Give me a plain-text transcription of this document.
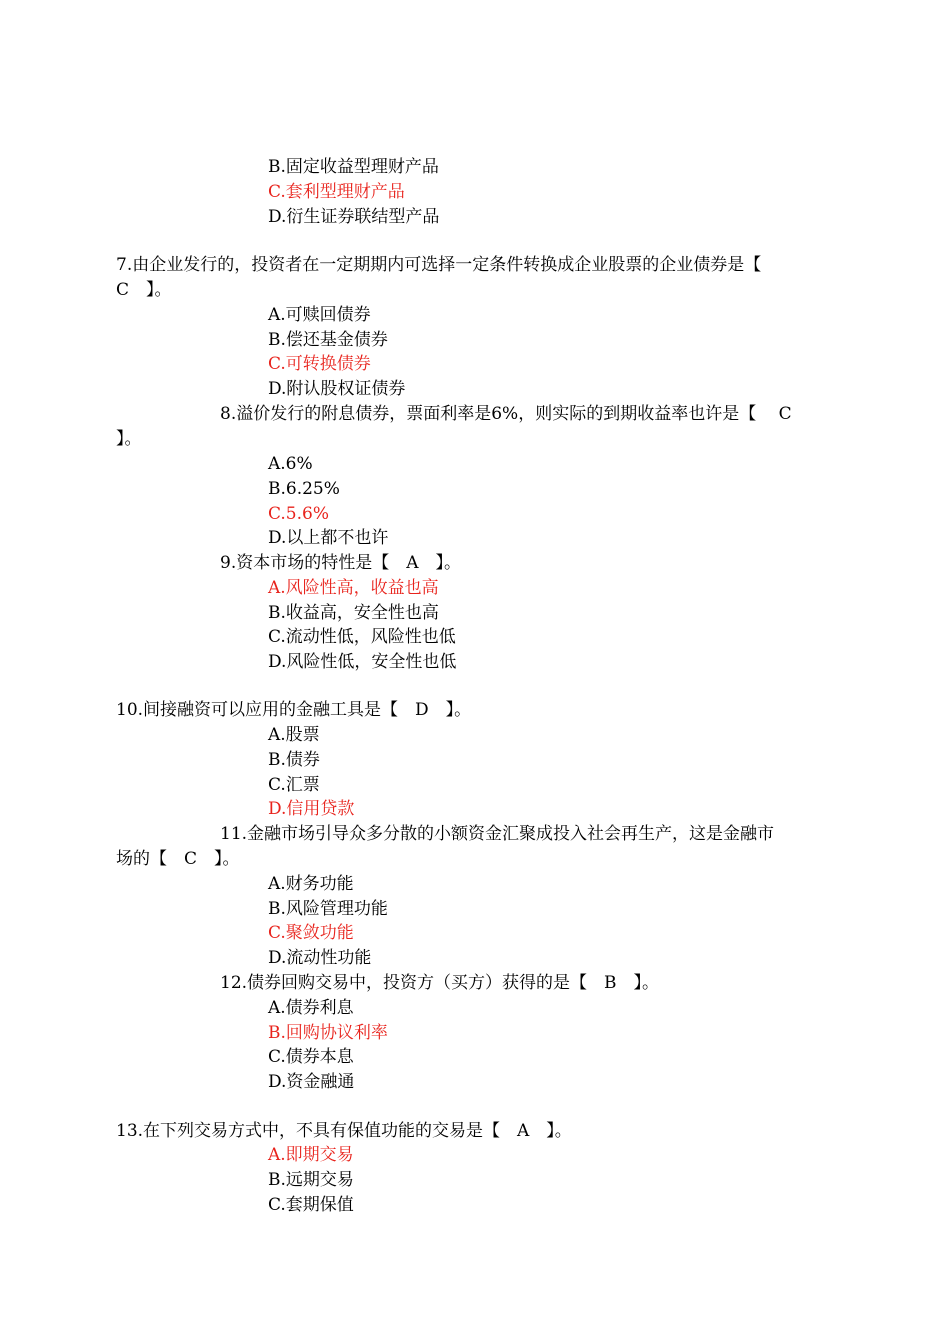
B.固定收益型理财产品
C.套利型理财产品
D.衍生证券联结型产品
7.由企业发行的，投资者在一定期期内可选择一定条件转换成企业股票的企业债券是【
C　】。
A.可赎回债券
B.偿还基金债券
C.可转换债券
D.附认股权证债券
8.溢价发行的附息债券，票面利率是6%，则实际的到期收益率也许是【　 C
】。
A.6%
B.6.25%
C.5.6%
D.以上都不也许
9.资本市场的特性是【　A　】。
A.风险性高，收益也高
B.收益高，安全性也高
C.流动性低，风险性也低
D.风险性低，安全性也低
10.间接融资可以应用的金融工具是【　D　】。
A.股票
B.债券
C.汇票
D.信用贷款
11.金融市场引导众多分散的小额资金汇聚成投入社会再生产，这是金融市
场的【　C　】。
A.财务功能
B.风险管理功能
C.聚敛功能
D.流动性功能
12.债券回购交易中，投资方（买方）获得的是【　B　】。
A.债券利息
B.回购协议利率
C.债券本息
D.资金融通
13.在下列交易方式中，不具有保值功能的交易是【　A　】。
A.即期交易
B.远期交易
C.套期保值
